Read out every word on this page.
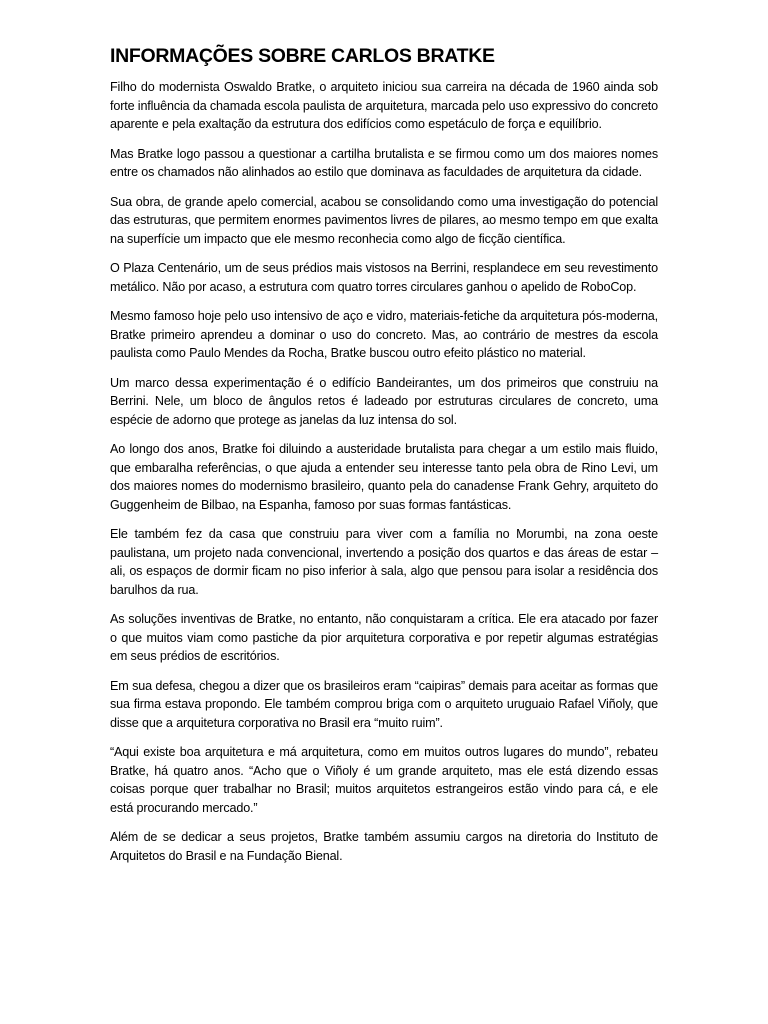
INFORMAÇÕES SOBRE CARLOS BRATKE

Filho do modernista Oswaldo Bratke, o arquiteto iniciou sua carreira na década de 1960 ainda sob forte influência da chamada escola paulista de arquitetura, marcada pelo uso expressivo do concreto aparente e pela exaltação da estrutura dos edifícios como espetáculo de força e equilíbrio.

Mas Bratke logo passou a questionar a cartilha brutalista e se firmou como um dos maiores nomes entre os chamados não alinhados ao estilo que dominava as faculdades de arquitetura da cidade.

Sua obra, de grande apelo comercial, acabou se consolidando como uma investigação do potencial das estruturas, que permitem enormes pavimentos livres de pilares, ao mesmo tempo em que exalta na superfície um impacto que ele mesmo reconhecia como algo de ficção científica.

O Plaza Centenário, um de seus prédios mais vistosos na Berrini, resplandece em seu revestimento metálico. Não por acaso, a estrutura com quatro torres circulares ganhou o apelido de RoboCop.

Mesmo famoso hoje pelo uso intensivo de aço e vidro, materiais-fetiche da arquitetura pós-moderna, Bratke primeiro aprendeu a dominar o uso do concreto. Mas, ao contrário de mestres da escola paulista como Paulo Mendes da Rocha, Bratke buscou outro efeito plástico no material.

Um marco dessa experimentação é o edifício Bandeirantes, um dos primeiros que construiu na Berrini. Nele, um bloco de ângulos retos é ladeado por estruturas circulares de concreto, uma espécie de adorno que protege as janelas da luz intensa do sol.

Ao longo dos anos, Bratke foi diluindo a austeridade brutalista para chegar a um estilo mais fluido, que embaralha referências, o que ajuda a entender seu interesse tanto pela obra de Rino Levi, um dos maiores nomes do modernismo brasileiro, quanto pela do canadense Frank Gehry, arquiteto do Guggenheim de Bilbao, na Espanha, famoso por suas formas fantásticas.

Ele também fez da casa que construiu para viver com a família no Morumbi, na zona oeste paulistana, um projeto nada convencional, invertendo a posição dos quartos e das áreas de estar – ali, os espaços de dormir ficam no piso inferior à sala, algo que pensou para isolar a residência dos barulhos da rua.

As soluções inventivas de Bratke, no entanto, não conquistaram a crítica. Ele era atacado por fazer o que muitos viam como pastiche da pior arquitetura corporativa e por repetir algumas estratégias em seus prédios de escritórios.

Em sua defesa, chegou a dizer que os brasileiros eram “caipiras” demais para aceitar as formas que sua firma estava propondo. Ele também comprou briga com o arquiteto uruguaio Rafael Viñoly, que disse que a arquitetura corporativa no Brasil era “muito ruim”.

“Aqui existe boa arquitetura e má arquitetura, como em muitos outros lugares do mundo”, rebateu Bratke, há quatro anos. “Acho que o Viñoly é um grande arquiteto, mas ele está dizendo essas coisas porque quer trabalhar no Brasil; muitos arquitetos estrangeiros estão vindo para cá, e ele está procurando mercado.”

Além de se dedicar a seus projetos, Bratke também assumiu cargos na diretoria do Instituto de Arquitetos do Brasil e na Fundação Bienal.
